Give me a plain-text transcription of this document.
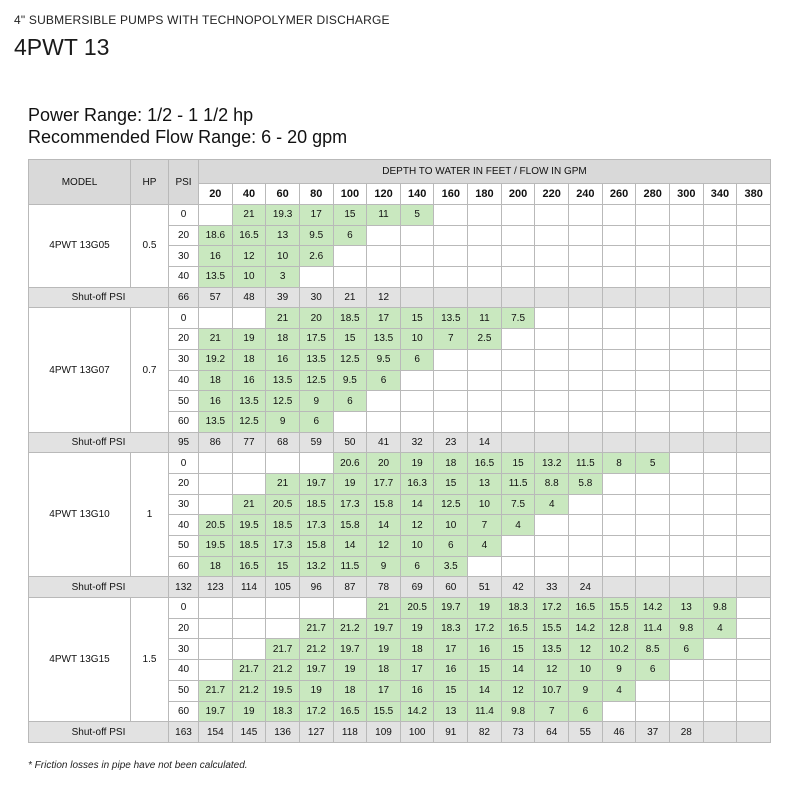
4" SUBMERSIBLE PUMPS WITH TECHNOPOLYMER DISCHARGE
4PWT 13
Power Range: 1/2 - 1 1/2 hp
Recommended Flow Range: 6 - 20 gpm
MODEL	HP	PSI	DEPTH TO WATER IN FEET / FLOW IN GPM																
			20	40	60	80	100	120	140	160	180	200	220	240	260	280	300	340	380
4PWT 13G05	0.5	0		21	19.3	17	15	11	5										
		20	18.6	16.5	13	9.5	6												
		30	16	12	10	2.6													
		40	13.5	10	3														
Shut-off PSI		66	57	48	39	30	21	12											
4PWT 13G07	0.7	0			21	20	18.5	17	15	13.5	11	7.5							
		20	21	19	18	17.5	15	13.5	10	7	2.5								
		30	19.2	18	16	13.5	12.5	9.5	6										
		40	18	16	13.5	12.5	9.5	6											
		50	16	13.5	12.5	9	6												
		60	13.5	12.5	9	6													
Shut-off PSI		95	86	77	68	59	50	41	32	23	14								
4PWT 13G10	1	0					20.6	20	19	18	16.5	15	13.2	11.5	8	5			
		20			21	19.7	19	17.7	16.3	15	13	11.5	8.8	5.8					
		30		21	20.5	18.5	17.3	15.8	14	12.5	10	7.5	4						
		40	20.5	19.5	18.5	17.3	15.8	14	12	10	7	4							
		50	19.5	18.5	17.3	15.8	14	12	10	6	4								
		60	18	16.5	15	13.2	11.5	9	6	3.5									
Shut-off PSI		132	123	114	105	96	87	78	69	60	51	42	33	24					
4PWT 13G15	1.5	0						21	20.5	19.7	19	18.3	17.2	16.5	15.5	14.2	13	9.8	
		20				21.7	21.2	19.7	19	18.3	17.2	16.5	15.5	14.2	12.8	11.4	9.8	4	
		30			21.7	21.2	19.7	19	18	17	16	15	13.5	12	10.2	8.5	6		
		40		21.7	21.2	19.7	19	18	17	16	15	14	12	10	9	6			
		50	21.7	21.2	19.5	19	18	17	16	15	14	12	10.7	9	4				
		60	19.7	19	18.3	17.2	16.5	15.5	14.2	13	11.4	9.8	7	6					
Shut-off PSI		163	154	145	136	127	118	109	100	91	82	73	64	55	46	37	28		
* Friction losses in pipe have not been calculated.
